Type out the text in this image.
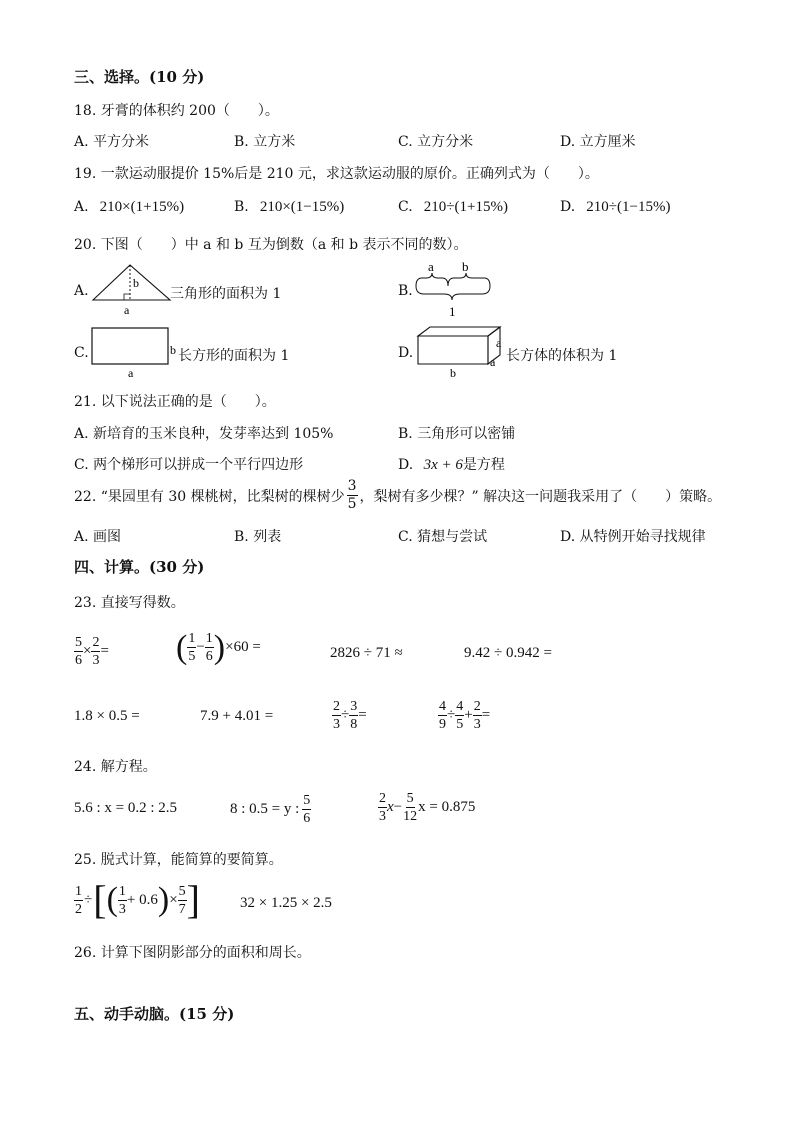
三、选择。(10 分)
18. 牙膏的体积约 200（　　）。
A. 平方分米	B. 立方米	C. 立方分米	D. 立方厘米
19. 一款运动服提价 15%后是 210 元，求这款运动服的原价。正确列式为（　　）。
A. 210×(1+15%)	B. 210×(1−15%)	C. 210÷(1+15%)	D. 210÷(1−15%)
20. 下图（　　）中 a 和 b 互为倒数（a 和 b 表示不同的数）。
A.	b
a
三角形的面积为 1	B.
a b
1
C.	b
a
长方形的面积为 1	D.
a
a
b
长方体的体积为 1
21. 以下说法正确的是（　　）。
A. 新培育的玉米良种，发芽率达到 105%	B. 三角形可以密铺
C. 两个梯形可以拼成一个平行四边形	D. 3x + 6是方程
22. “果园里有 30 棵桃树，比梨树的棵树少 $\frac{3}{5}$ ，梨树有多少棵？” 解决这一问题我采用了（　　）策略。
A. 画图	B. 列表	C. 猜想与尝试	D. 从特例开始寻找规律
四、计算。(30 分)
23. 直接写得数。
$\frac{5}{6} \times \frac{2}{3}$ = ( $\frac{1}{5} - \frac{1}{6}$ ) ×60 =	2826 ÷ 71 ≈	9.42 ÷ 0.942 =
1.8 × 0.5 =	7.9 + 4.01 =	$\frac{2}{3} \div \frac{3}{8}$ =	$\frac{4}{9} \div \frac{4}{5} + \frac{2}{3}$ =
24. 解方程。
5.6 : x = 0.2 : 2.5	8 : 0.5 = y : $\frac{5}{6}$	$\frac{2}{3}$ $x - \frac{5}{12}$ x = 0.875
25. 脱式计算，能简算的要简算。
$\frac{1}{2}$ ÷ [ ( $\frac{1}{3} + 0.6$ ) × $\frac{5}{7}$ ]	32 × 1.25 × 2.5
26. 计算下图阴影部分的面积和周长。
五、动手动脑。(15 分)
